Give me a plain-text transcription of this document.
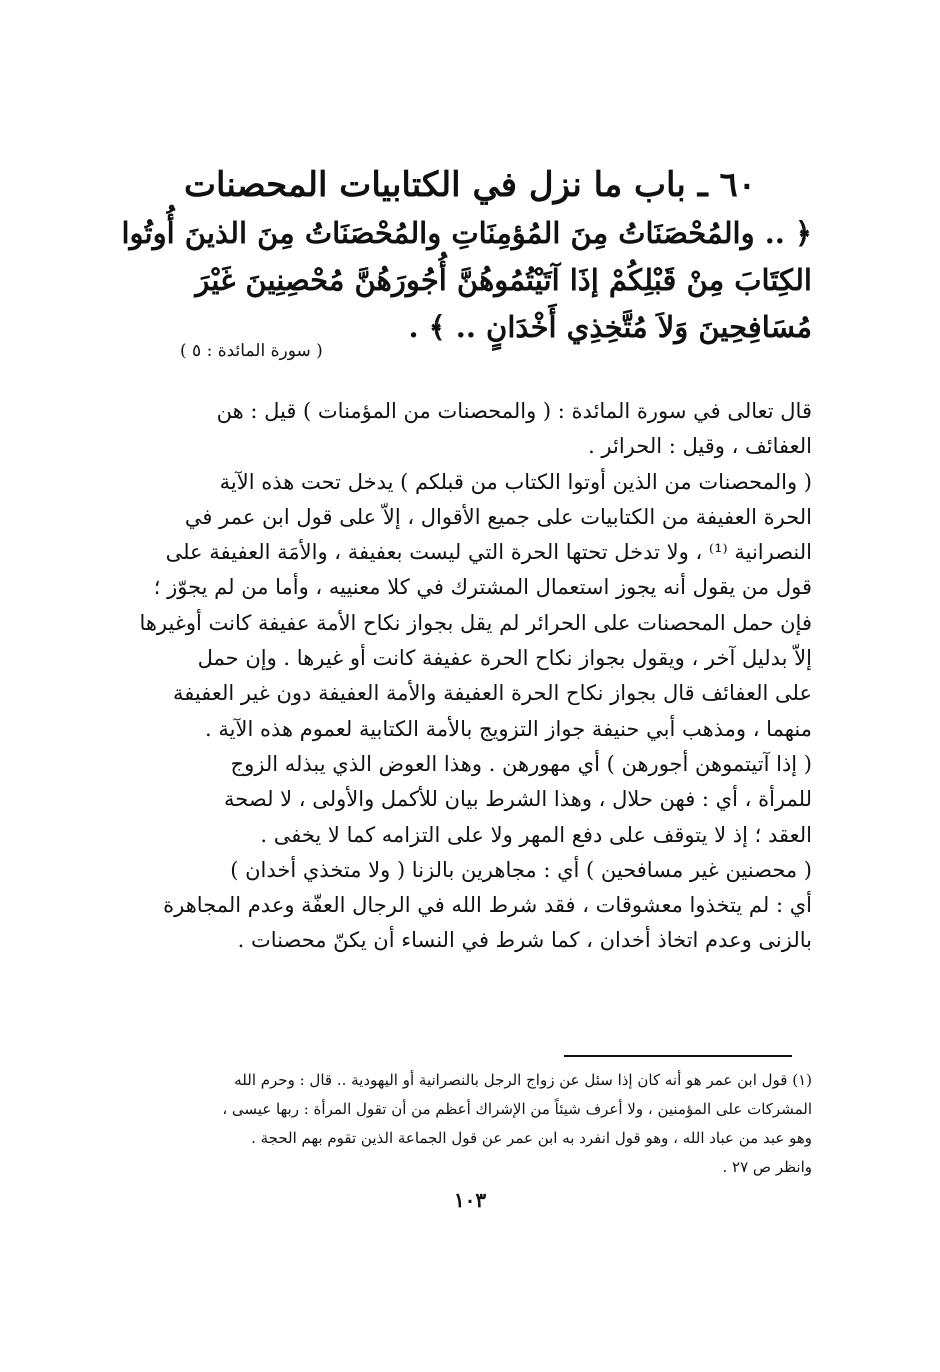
٦٠ ـ باب ما نزل في الكتابيات المحصنات
﴿ .. والمُحْصَنَاتُ مِنَ المُؤمِنَاتِ والمُحْصَنَاتُ مِنَ الذينَ أُوتُوا
الكِتَابَ مِنْ قَبْلِكُمْ إذَا آتَيْتُمُوهُنَّ أُجُورَهُنَّ مُحْصِنِينَ غَيْرَ
مُسَافِحِينَ وَلاَ مُتَّخِذِي أَخْدَانٍ .. ﴾ .
( سورة المائدة : ٥ )

قال تعالى في سورة المائدة : ( والمحصنات من المؤمنات ) قيل : هن
العفائف ، وقيل : الحرائر .

( والمحصنات من الذين أوتوا الكتاب من قبلكم ) يدخل تحت هذه الآية
الحرة العفيفة من الكتابيات على جميع الأقوال ، إلاّ على قول ابن عمر في
النصرانية ⁽¹⁾ ، ولا تدخل تحتها الحرة التي ليست بعفيفة ، والأمَة العفيفة على
قول من يقول أنه يجوز استعمال المشترك في كلا معنييه ، وأما من لم يجوّز ؛
فإن حمل المحصنات على الحرائر لم يقل بجواز نكاح الأمة عفيفة كانت أوغيرها
إلاّ بدليل آخر ، ويقول بجواز نكاح الحرة عفيفة كانت أو غيرها . وإن حمل
على العفائف قال بجواز نكاح الحرة العفيفة والأمة العفيفة دون غير العفيفة
منهما ، ومذهب أبي حنيفة جواز التزويج بالأمة الكتابية لعموم هذه الآية .

( إذا آتيتموهن أجورهن ) أي مهورهن . وهذا العوض الذي يبذله الزوج
للمرأة ، أي : فهن حلال ، وهذا الشرط بيان للأكمل والأولى ، لا لصحة
العقد ؛ إذ لا يتوقف على دفع المهر ولا على التزامه كما لا يخفى .

( محصنين غير مسافحين ) أي : مجاهرين بالزنا ( ولا متخذي أخدان )
أي : لم يتخذوا معشوقات ، فقد شرط الله في الرجال العفّة وعدم المجاهرة
بالزنى وعدم اتخاذ أخدان ، كما شرط في النساء أن يكنّ محصنات .

(١) قول ابن عمر هو أنه كان إذا سئل عن زواج الرجل بالنصرانية أو اليهودية .. قال : وحرم الله
المشركات على المؤمنين ، ولا أعرف شيئاً من الإشراك أعظم من أن تقول المرأة : ربها عيسى ،
وهو عبد من عباد الله ، وهو قول انفرد به ابن عمر عن قول الجماعة الذين تقوم بهم الحجة .
وانظر ص ٢٧ .
١٠٣
